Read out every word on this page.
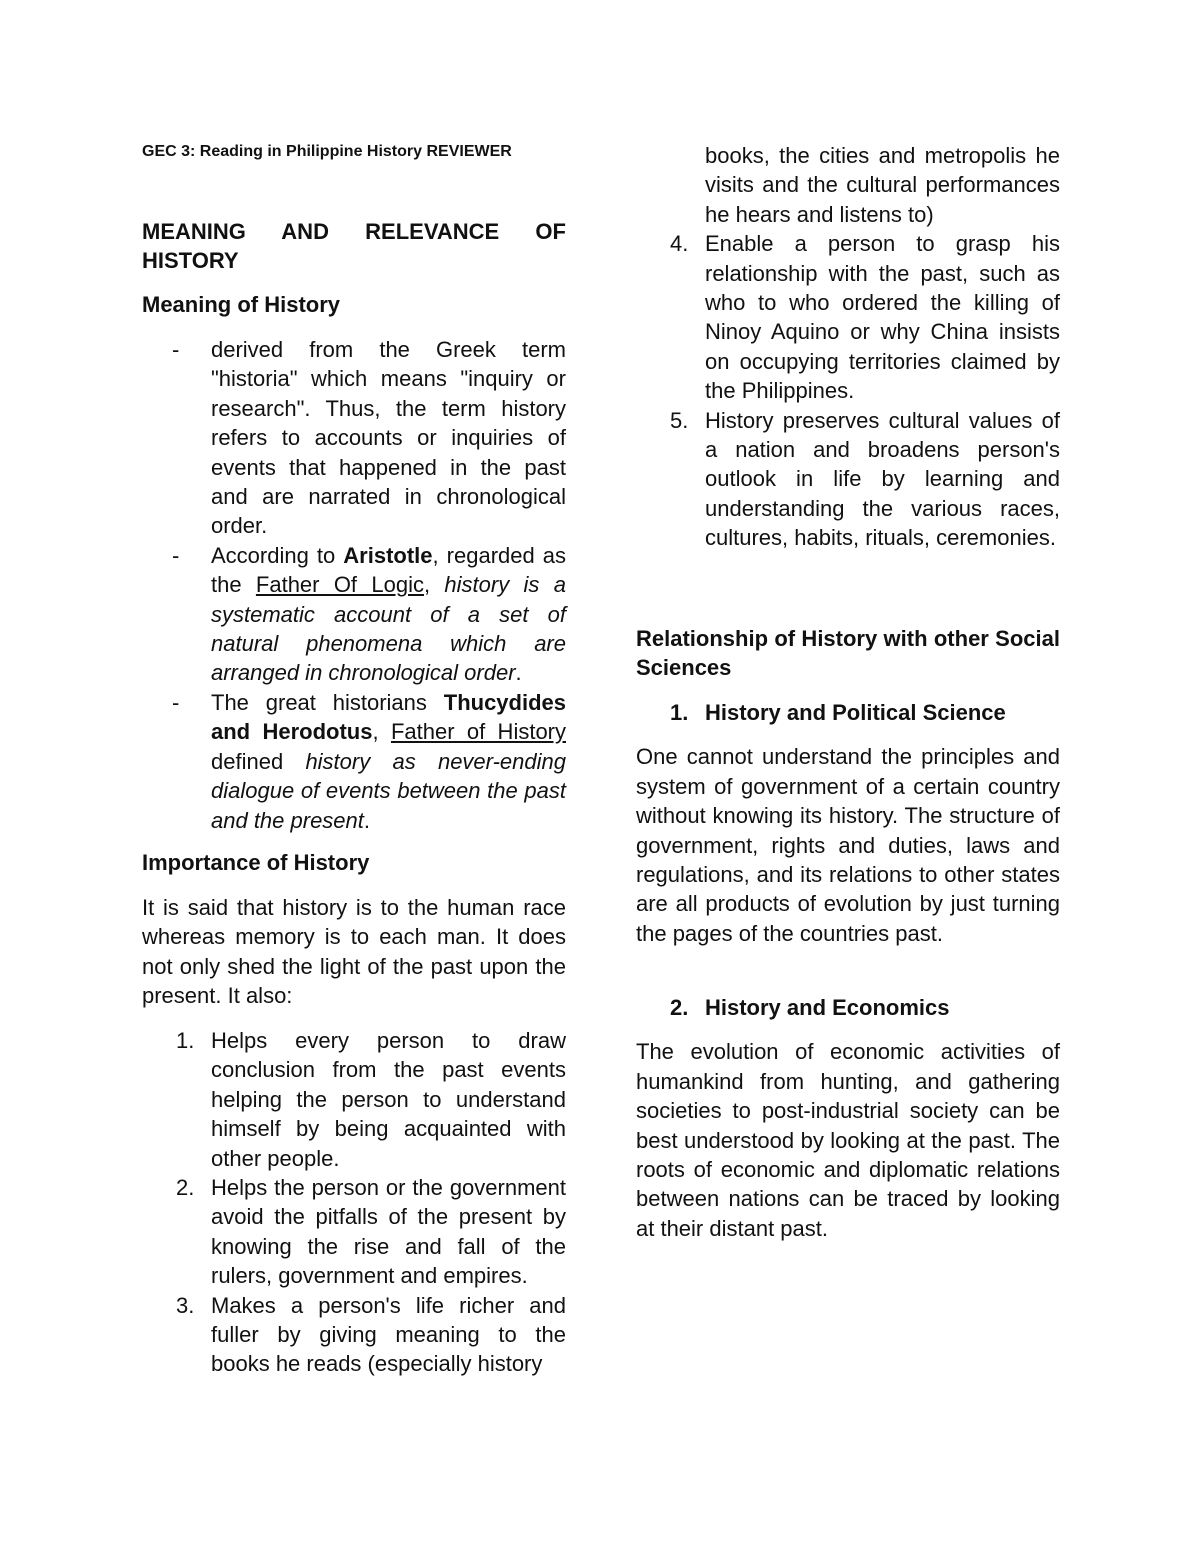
GEC 3: Reading in Philippine History REVIEWER
MEANING AND RELEVANCE OF
HISTORY
Meaning of History
- derived from the Greek term "historia" which means "inquiry or research". Thus, the term history refers to accounts or inquiries of events that happened in the past and are narrated in chronological order.

- According to Aristotle, regarded as the Father Of Logic, history is a systematic account of a set of natural phenomena which are arranged in chronological order.

- The great historians Thucydides and Herodotus, Father of History defined history as never-ending dialogue of events between the past and the present.

Importance of History

It is said that history is to the human race whereas memory is to each man. It does not only shed the light of the past upon the present. It also:

1. Helps every person to draw conclusion from the past events helping the person to understand himself by being acquainted with other people.

2. Helps the person or the government avoid the pitfalls of the present by knowing the rise and fall of the rulers, government and empires.

3. Makes a person's life richer and fuller by giving meaning to the books he reads (especially history

books, the cities and metropolis he visits and the cultural performances he hears and listens to)

4. Enable a person to grasp his relationship with the past, such as who to who ordered the killing of Ninoy Aquino or why China insists on occupying territories claimed by the Philippines.

5. History preserves cultural values of a nation and broadens person's outlook in life by learning and understanding the various races, cultures, habits, rituals, ceremonies.

Relationship of History with other Social Sciences
1. History and Political Science

One cannot understand the principles and system of government of a certain country without knowing its history. The structure of government, rights and duties, laws and regulations, and its relations to other states are all products of evolution by just turning the pages of the countries past.

2. History and Economics

The evolution of economic activities of humankind from hunting, and gathering societies to post-industrial society can be best understood by looking at the past. The roots of economic and diplomatic relations between nations can be traced by looking at their distant past.
